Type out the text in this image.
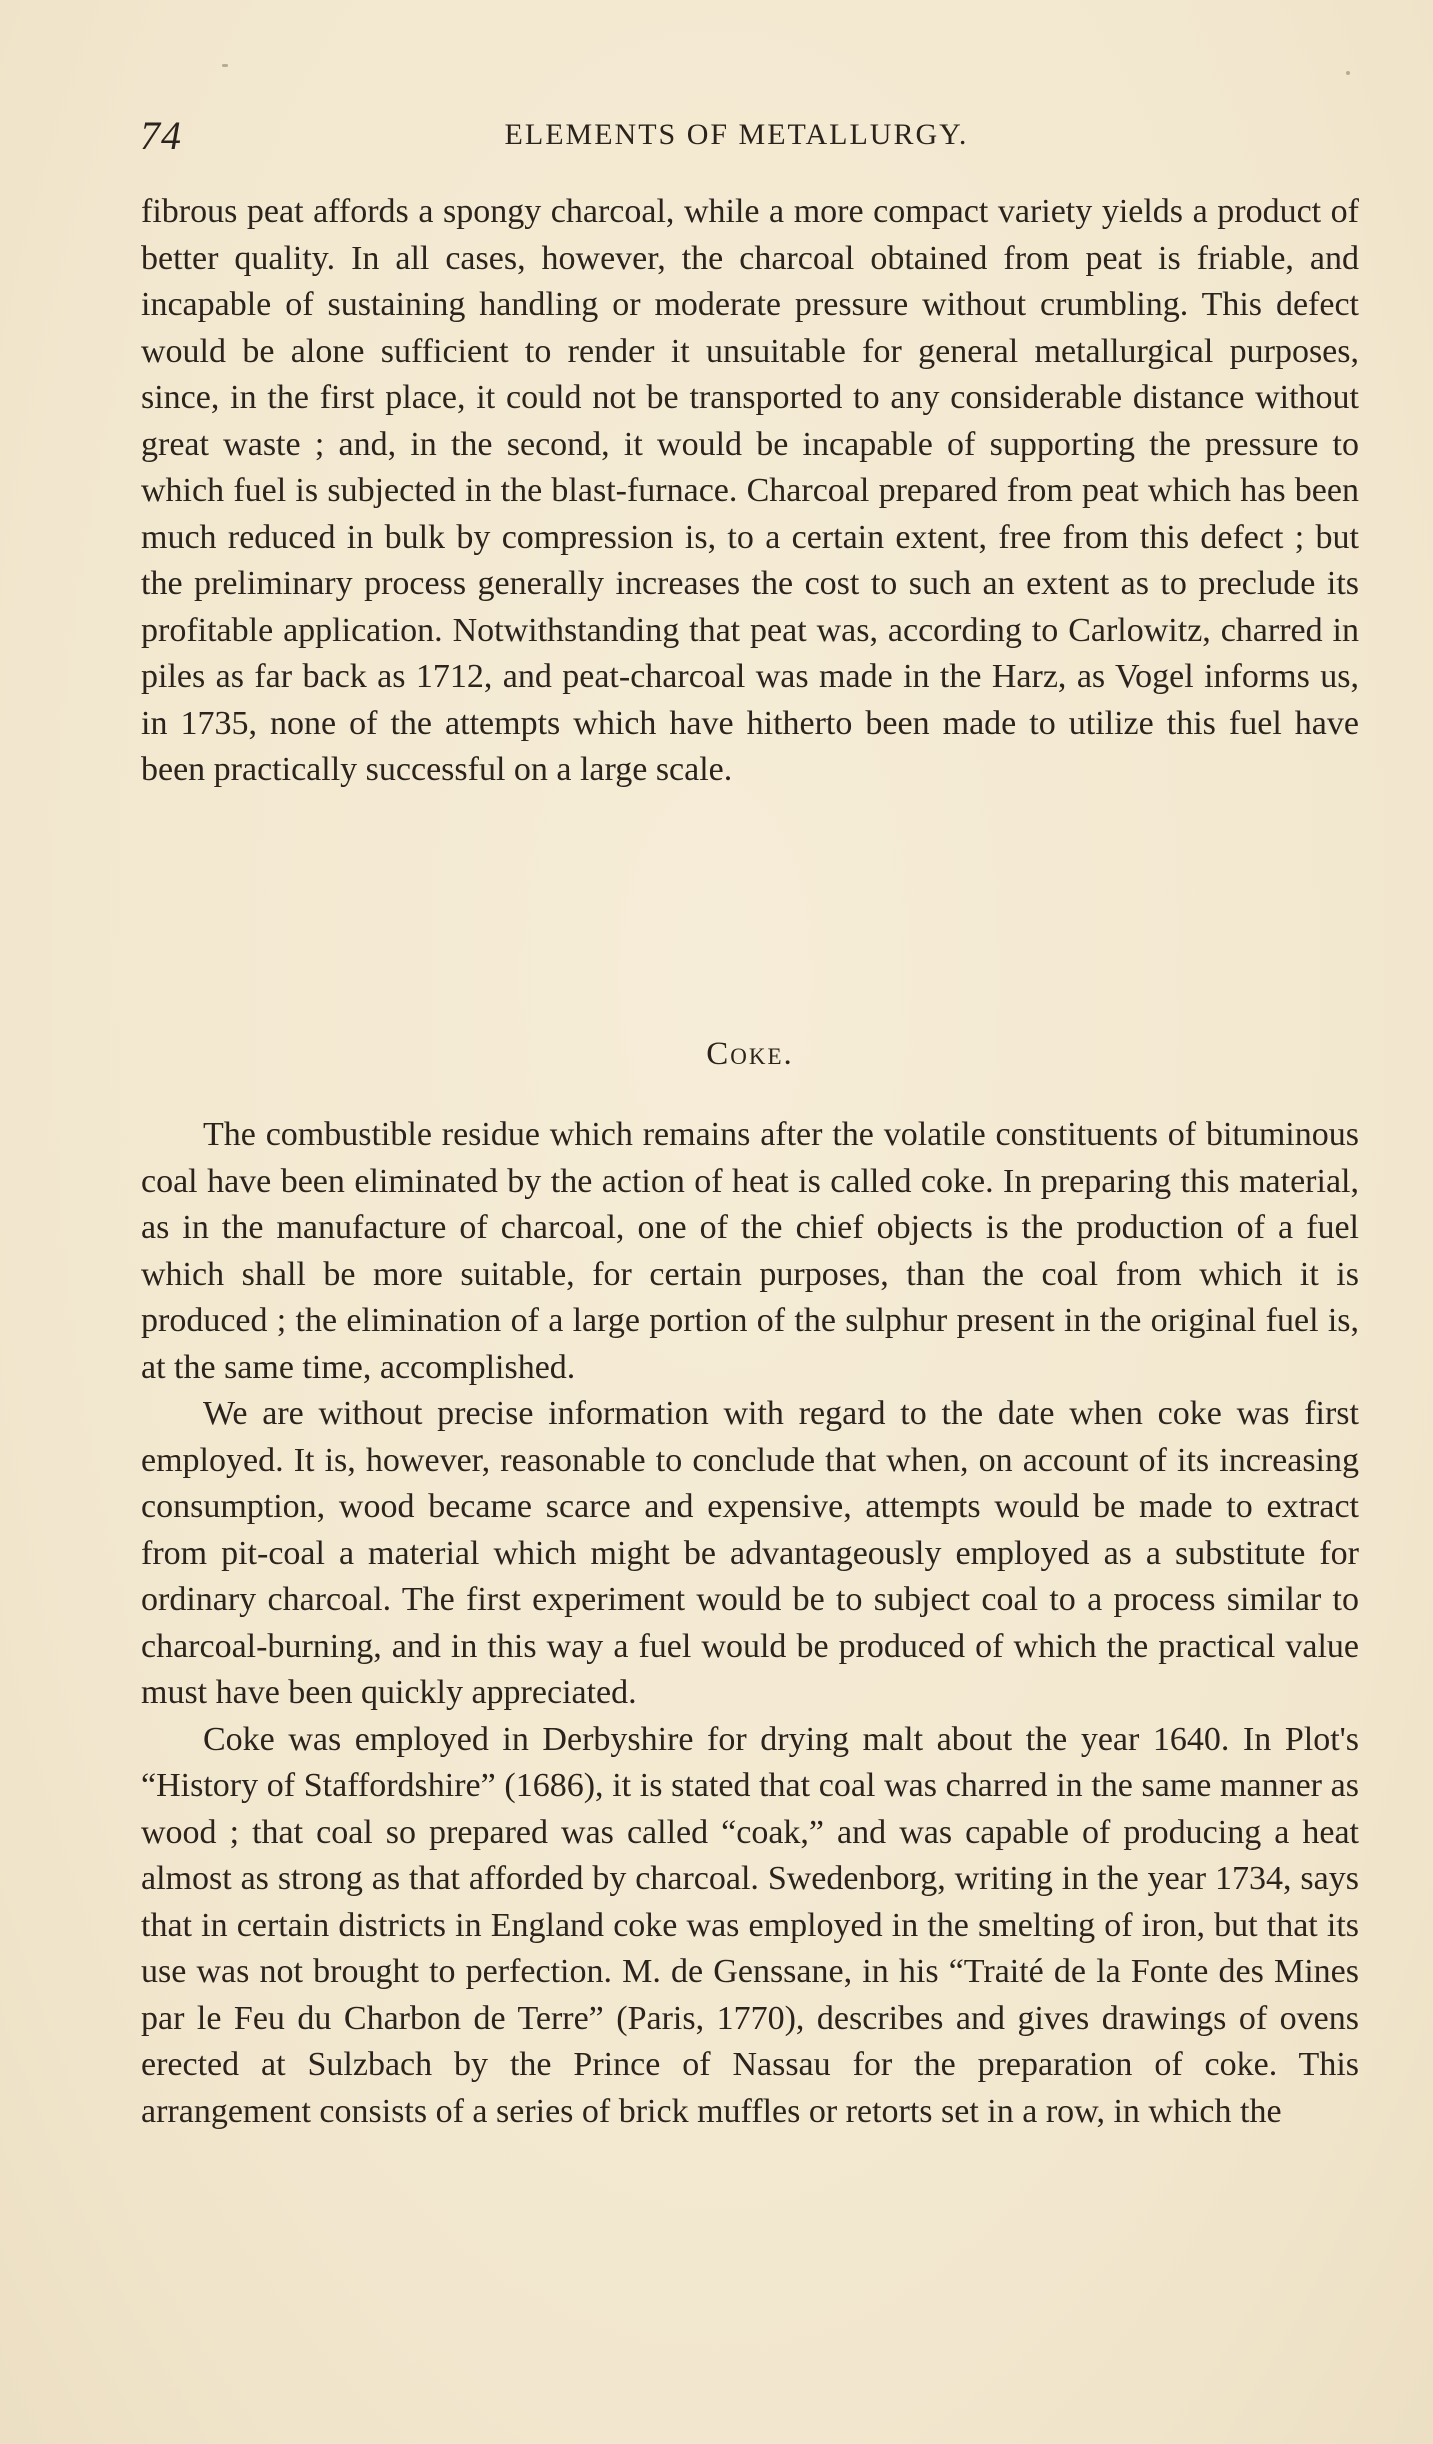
74	ELEMENTS OF METALLURGY.

fibrous peat affords a spongy charcoal, while a more compact variety yields a product of better quality. In all cases, however, the charcoal obtained from peat is friable, and incapable of sustaining handling or moderate pressure without crumbling. This defect would be alone sufficient to render it unsuitable for general metallurgical purposes, since, in the first place, it could not be transported to any considerable distance without great waste ; and, in the second, it would be incapable of supporting the pressure to which fuel is subjected in the blast-furnace. Charcoal prepared from peat which has been much reduced in bulk by compression is, to a certain extent, free from this defect ; but the preliminary process generally increases the cost to such an extent as to preclude its profitable application. Notwithstanding that peat was, according to Carlowitz, charred in piles as far back as 1712, and peat-charcoal was made in the Harz, as Vogel informs us, in 1735, none of the attempts which have hitherto been made to utilize this fuel have been practically successful on a large scale.

Coke.

The combustible residue which remains after the volatile constituents of bituminous coal have been eliminated by the action of heat is called coke. In preparing this material, as in the manufacture of charcoal, one of the chief objects is the production of a fuel which shall be more suitable, for certain purposes, than the coal from which it is produced ; the elimination of a large portion of the sulphur present in the original fuel is, at the same time, accomplished.

We are without precise information with regard to the date when coke was first employed. It is, however, reasonable to conclude that when, on account of its increasing consumption, wood became scarce and expensive, attempts would be made to extract from pit-coal a material which might be advantageously employed as a substitute for ordinary charcoal. The first experiment would be to subject coal to a process similar to charcoal-burning, and in this way a fuel would be produced of which the practical value must have been quickly appreciated.

Coke was employed in Derbyshire for drying malt about the year 1640. In Plot's “History of Staffordshire” (1686), it is stated that coal was charred in the same manner as wood ; that coal so prepared was called “coak,” and was capable of producing a heat almost as strong as that afforded by charcoal. Swedenborg, writing in the year 1734, says that in certain districts in England coke was employed in the smelting of iron, but that its use was not brought to perfection. M. de Genssane, in his “Traité de la Fonte des Mines par le Feu du Charbon de Terre” (Paris, 1770), describes and gives drawings of ovens erected at Sulzbach by the Prince of Nassau for the preparation of coke. This arrangement consists of a series of brick muffles or retorts set in a row, in which the
